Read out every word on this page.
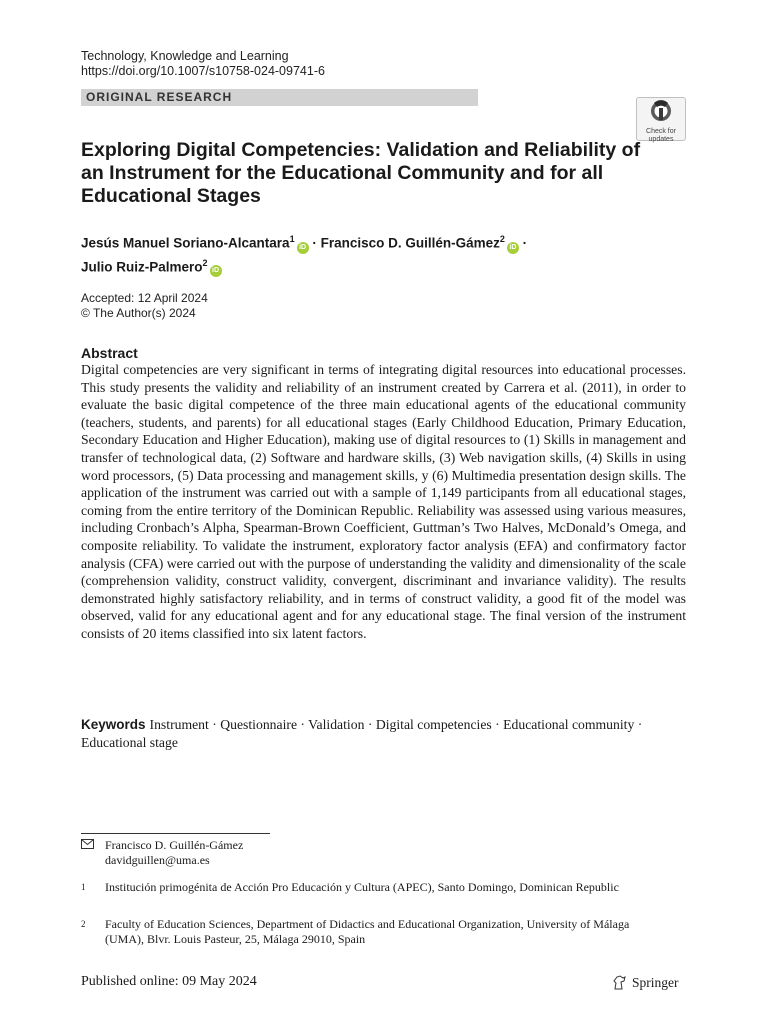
Technology, Knowledge and Learning
https://doi.org/10.1007/s10758-024-09741-6
ORIGINAL RESEARCH
Check for
updates
Exploring Digital Competencies: Validation and Reliability of an Instrument for the Educational Community and for all Educational Stages
Jesús Manuel Soriano-Alcantara$^1$iD · Francisco D. Guillén-Gámez$^2$iD ·
Julio Ruiz-Palmero$^2$iD
Accepted: 12 April 2024
© The Author(s) 2024
Abstract

Digital competencies are very significant in terms of integrating digital resources into educational processes. This study presents the validity and reliability of an instrument created by Carrera et al. (2011), in order to evaluate the basic digital competence of the three main educational agents of the educational community (teachers, students, and parents) for all educational stages (Early Childhood Education, Primary Education, Secondary Education and Higher Education), making use of digital resources to (1) Skills in management and transfer of technological data, (2) Software and hardware skills, (3) Web navigation skills, (4) Skills in using word processors, (5) Data processing and management skills, y (6) Multimedia presentation design skills. The application of the instrument was carried out with a sample of 1,149 participants from all educational stages, coming from the entire territory of the Dominican Republic. Reliability was assessed using various measures, including Cronbach’s Alpha, Spearman-Brown Coefficient, Guttman’s Two Halves, McDonald’s Omega, and composite reliability. To validate the instrument, exploratory factor analysis (EFA) and confirmatory factor analysis (CFA) were carried out with the purpose of understanding the validity and dimensionality of the scale (comprehension validity, construct validity, convergent, discriminant and invariance validity). The results demonstrated highly satisfactory reliability, and in terms of construct validity, a good fit of the model was observed, valid for any educational agent and for any educational stage. The final version of the instrument consists of 20 items classified into six latent factors.

Keywords Instrument · Questionnaire · Validation · Digital competencies · Educational community · Educational stage
Francisco D. Guillén-Gámez
davidguillen@uma.es
1 Institución primogénita de Acción Pro Educación y Cultura (APEC), Santo Domingo, Dominican Republic
2 Faculty of Education Sciences, Department of Didactics and Educational Organization, University of Málaga (UMA), Blvr. Louis Pasteur, 25, Málaga 29010, Spain
Published online: 09 May 2024	Springer
